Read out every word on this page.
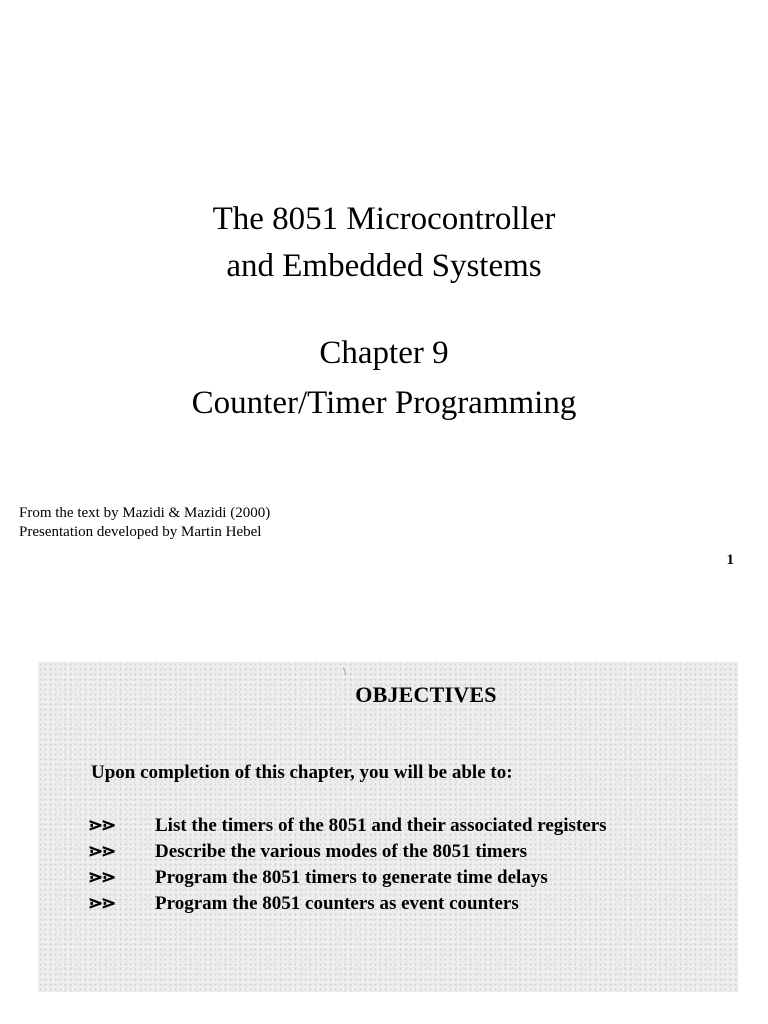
The 8051 Microcontroller
and Embedded Systems
Chapter 9
Counter/Timer Programming
From the text by Mazidi & Mazidi (2000)
Presentation developed by Martin Hebel
1
\
OBJECTIVES
Upon completion of this chapter, you will be able to:
⋗⋗ List the timers of the 8051 and their associated registers
⋗⋗ Describe the various modes of the 8051 timers
⋗⋗ Program the 8051 timers to generate time delays
⋗⋗ Program the 8051 counters as event counters
